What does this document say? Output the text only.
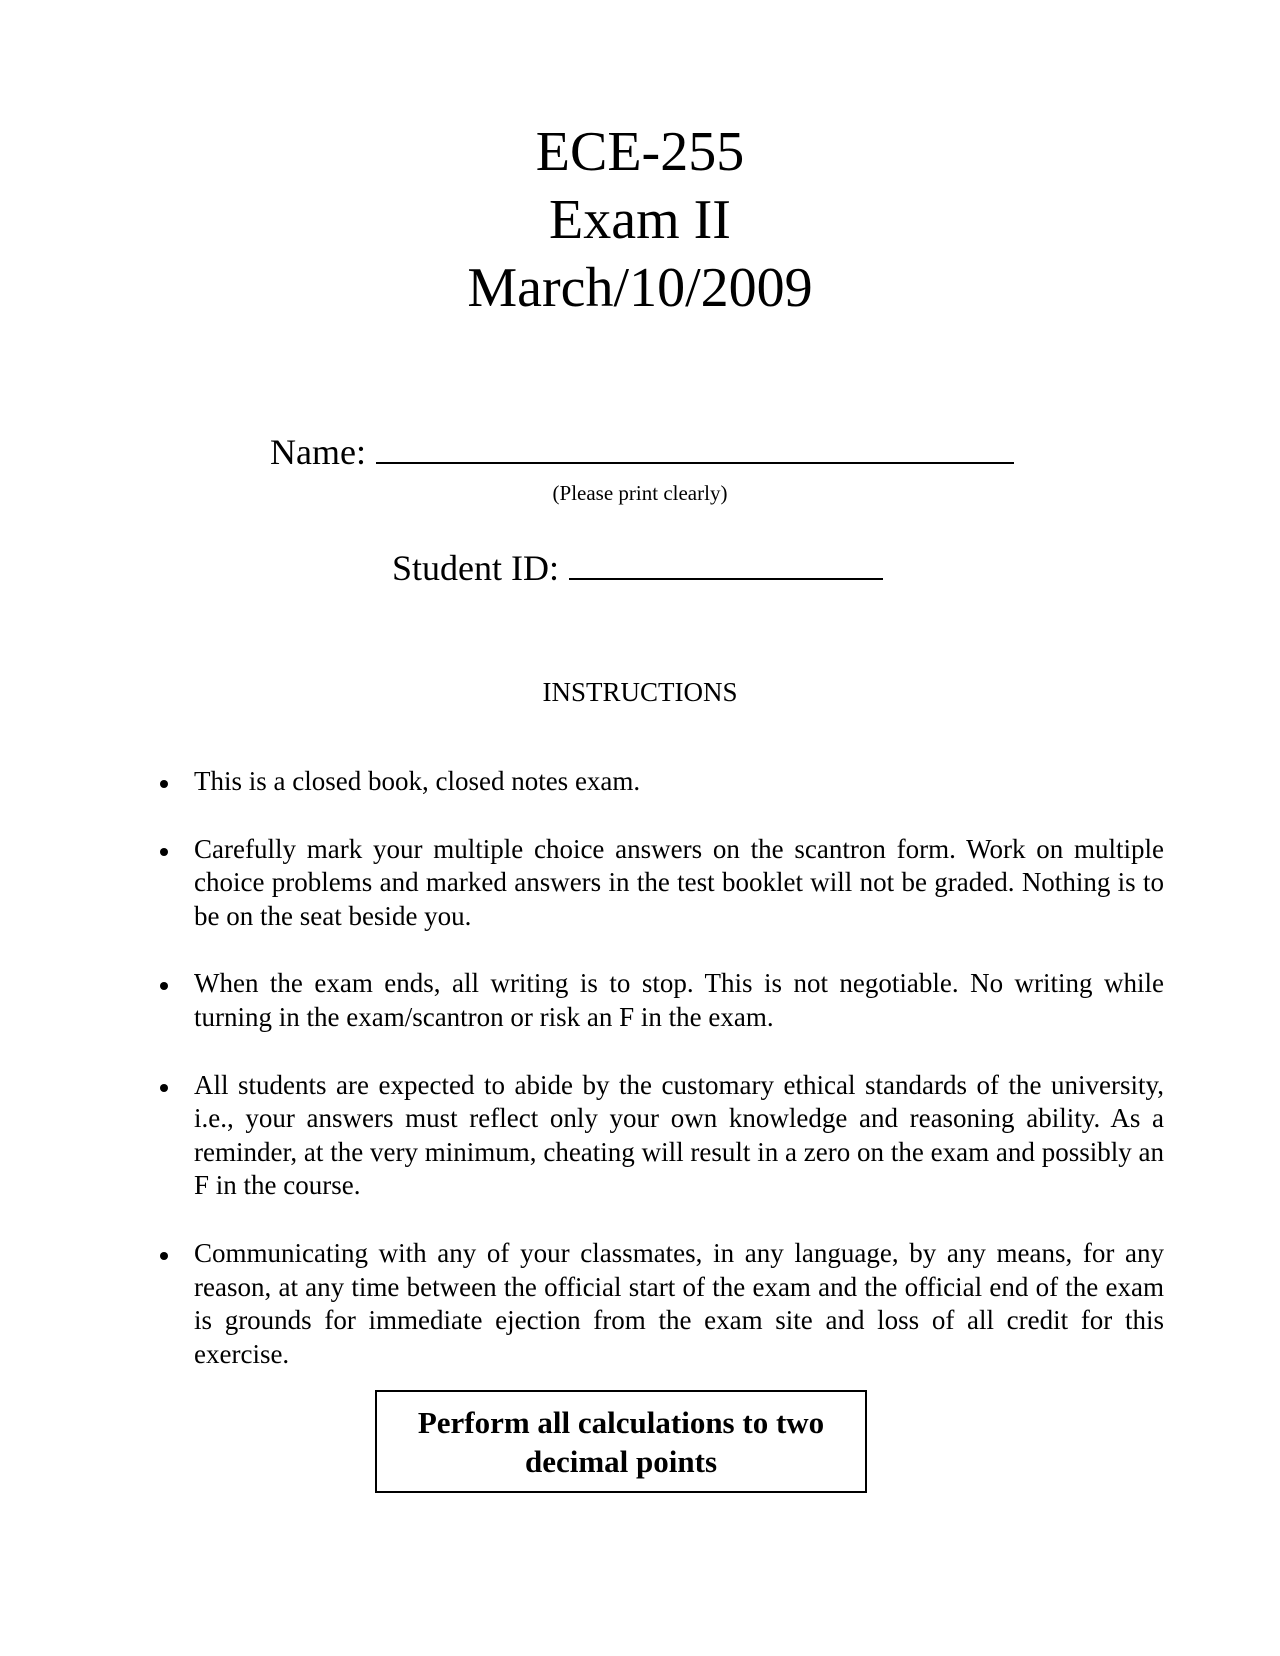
ECE-255

Exam II

March/10/2009

Name:
(Please print clearly)
Student ID:
INSTRUCTIONS
This is a closed book, closed notes exam.
Carefully mark your multiple choice answers on the scantron form. Work on multiple choice problems and marked answers in the test booklet will not be graded. Nothing is to be on the seat beside you.
When the exam ends, all writing is to stop. This is not negotiable. No writing while turning in the exam/scantron or risk an F in the exam.
All students are expected to abide by the customary ethical standards of the university, i.e., your answers must reflect only your own knowledge and reasoning ability. As a reminder, at the very minimum, cheating will result in a zero on the exam and possibly an F in the course.
Communicating with any of your classmates, in any language, by any means, for any reason, at any time between the official start of the exam and the official end of the exam is grounds for immediate ejection from the exam site and loss of all credit for this exercise.
Perform all calculations to two decimal points
